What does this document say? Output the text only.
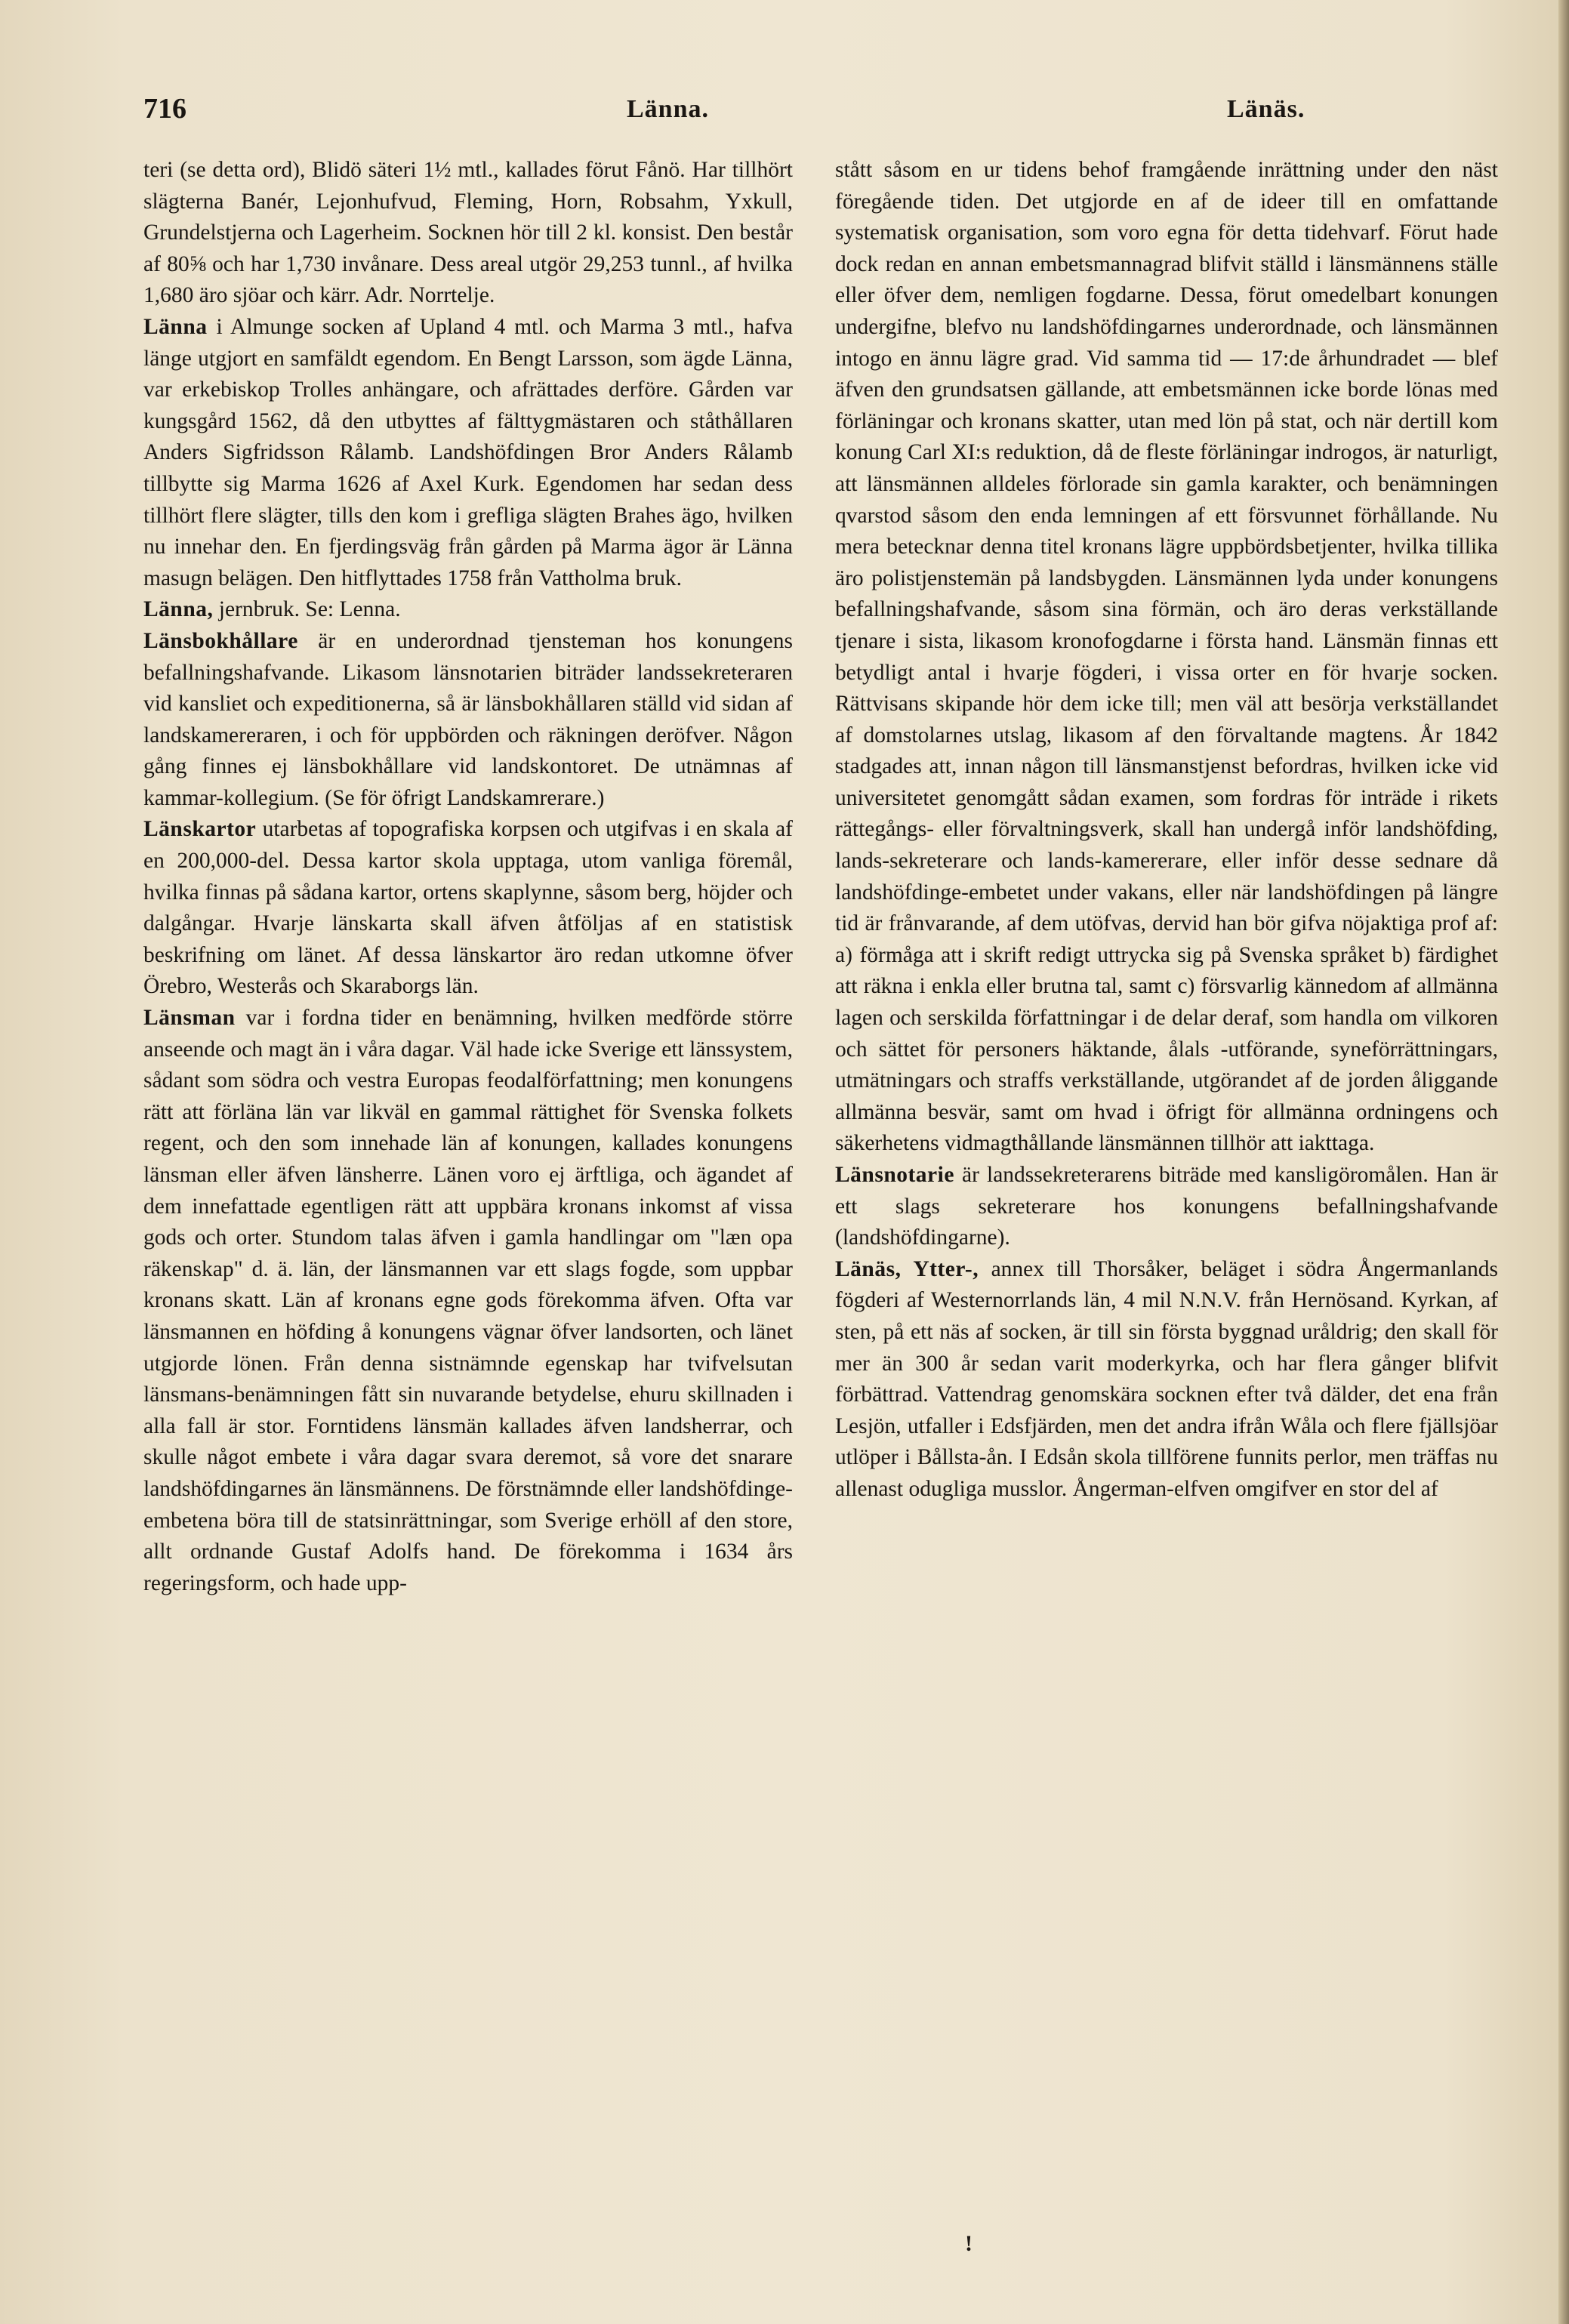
716	Länna.	Länäs.

teri (se detta ord), Blidö säteri 1½ mtl., kallades förut Fånö. Har tillhört slägterna Banér, Lejonhufvud, Fleming, Horn, Robsahm, Yxkull, Grundelstjerna och Lagerheim. Socknen hör till 2 kl. konsist. Den består af 80⅝ och har 1,730 invånare. Dess areal utgör 29,253 tunnl., af hvilka 1,680 äro sjöar och kärr. Adr. Norrtelje.

Länna i Almunge socken af Upland 4 mtl. och Marma 3 mtl., hafva länge utgjort en samfäldt egendom. En Bengt Larsson, som ägde Länna, var erkebiskop Trolles anhängare, och afrättades derföre. Gården var kungsgård 1562, då den utbyttes af fälttygmästaren och ståthållaren Anders Sigfridsson Rålamb. Landshöfdingen Bror Anders Rålamb tillbytte sig Marma 1626 af Axel Kurk. Egendomen har sedan dess tillhört flere slägter, tills den kom i grefliga slägten Brahes ägo, hvilken nu innehar den. En fjerdingsväg från gården på Marma ägor är Länna masugn belägen. Den hitflyttades 1758 från Vattholma bruk.

Länna, jernbruk. Se: Lenna.

Länsbokhållare är en underordnad tjensteman hos konungens befallningshafvande. Likasom länsnotarien biträder landssekreteraren vid kansliet och expeditionerna, så är länsbokhållaren ställd vid sidan af landskamereraren, i och för uppbörden och räkningen deröfver. Någon gång finnes ej länsbokhållare vid landskontoret. De utnämnas af kammar-kollegium. (Se för öfrigt Landskamrerare.)

Länskartor utarbetas af topografiska korpsen och utgifvas i en skala af en 200,000-del. Dessa kartor skola upptaga, utom vanliga föremål, hvilka finnas på sådana kartor, ortens skaplynne, såsom berg, höjder och dalgångar. Hvarje länskarta skall äfven åtföljas af en statistisk beskrifning om länet. Af dessa länskartor äro redan utkomne öfver Örebro, Westerås och Skaraborgs län.

Länsman var i fordna tider en benämning, hvilken medförde större anseende och magt än i våra dagar. Väl hade icke Sverige ett länssystem, sådant som södra och vestra Europas feodalförfattning; men konungens rätt att förläna län var likväl en gammal rättighet för Svenska folkets regent, och den som innehade län af konungen, kallades konungens länsman eller äfven länsherre. Länen voro ej ärftliga, och ägandet af dem innefattade egentligen rätt att uppbära kronans inkomst af vissa gods och orter. Stundom talas äfven i gamla handlingar om "læn opa räkenskap" d. ä. län, der länsmannen var ett slags fogde, som uppbar kronans skatt. Län af kronans egne gods förekomma äfven. Ofta var länsmannen en höfding å konungens vägnar öfver landsorten, och länet utgjorde lönen. Från denna sistnämnde egenskap har tvifvelsutan länsmans-benämningen fått sin nuvarande betydelse, ehuru skillnaden i alla fall är stor. Forntidens länsmän kallades äfven landsherrar, och skulle något embete i våra dagar svara deremot, så vore det snarare landshöfdingarnes än länsmännens. De förstnämnde eller landshöfdinge-embetena böra till de statsinrättningar, som Sverige erhöll af den store, allt ordnande Gustaf Adolfs hand. De förekomma i 1634 års regeringsform, och hade upp-

stått såsom en ur tidens behof framgående inrättning under den näst föregående tiden. Det utgjorde en af de ideer till en omfattande systematisk organisation, som voro egna för detta tidehvarf. Förut hade dock redan en annan embetsmannagrad blifvit ställd i länsmännens ställe eller öfver dem, nemligen fogdarne. Dessa, förut omedelbart konungen undergifne, blefvo nu landshöfdingarnes underordnade, och länsmännen intogo en ännu lägre grad. Vid samma tid — 17:de århundradet — blef äfven den grundsatsen gällande, att embetsmännen icke borde lönas med förläningar och kronans skatter, utan med lön på stat, och när dertill kom konung Carl XI:s reduktion, då de fleste förläningar indrogos, är naturligt, att länsmännen alldeles förlorade sin gamla karakter, och benämningen qvarstod såsom den enda lemningen af ett försvunnet förhållande. Nu mera betecknar denna titel kronans lägre uppbördsbetjenter, hvilka tillika äro polistjenstemän på landsbygden. Länsmännen lyda under konungens befallningshafvande, såsom sina förmän, och äro deras verkställande tjenare i sista, likasom kronofogdarne i första hand. Länsmän finnas ett betydligt antal i hvarje fögderi, i vissa orter en för hvarje socken. Rättvisans skipande hör dem icke till; men väl att besörja verkställandet af domstolarnes utslag, likasom af den förvaltande magtens. År 1842 stadgades att, innan någon till länsmanstjenst befordras, hvilken icke vid universitetet genomgått sådan examen, som fordras för inträde i rikets rättegångs- eller förvaltningsverk, skall han undergå inför landshöfding, lands-sekreterare och lands-kamererare, eller inför desse sednare då landshöfdinge-embetet under vakans, eller när landshöfdingen på längre tid är frånvarande, af dem utöfvas, dervid han bör gifva nöjaktiga prof af: a) förmåga att i skrift redigt uttrycka sig på Svenska språket b) färdighet att räkna i enkla eller brutna tal, samt c) försvarlig kännedom af allmänna lagen och serskilda författningar i de delar deraf, som handla om vilkoren och sättet för personers häktande, ålals -utförande, syneförrättningars, utmätningars och straffs verkställande, utgörandet af de jorden åliggande allmänna besvär, samt om hvad i öfrigt för allmänna ordningens och säkerhetens vidmagthållande länsmännen tillhör att iakttaga.

Länsnotarie är landssekreterarens biträde med kansligöromålen. Han är ett slags sekreterare hos konungens befallningshafvande (landshöfdingarne).

Länäs, Ytter-, annex till Thorsåker, beläget i södra Ångermanlands fögderi af Westernorrlands län, 4 mil N.N.V. från Hernösand. Kyrkan, af sten, på ett näs af socken, är till sin första byggnad uråldrig; den skall för mer än 300 år sedan varit moderkyrka, och har flera gånger blifvit förbättrad. Vattendrag genomskära socknen efter två dälder, det ena från Lesjön, utfaller i Edsfjärden, men det andra ifrån Wåla och flere fjällsjöar utlöper i Bållsta-ån. I Edsån skola tillförene funnits perlor, men träffas nu allenast odugliga musslor. Ångerman-elfven omgifver en stor del af

!
